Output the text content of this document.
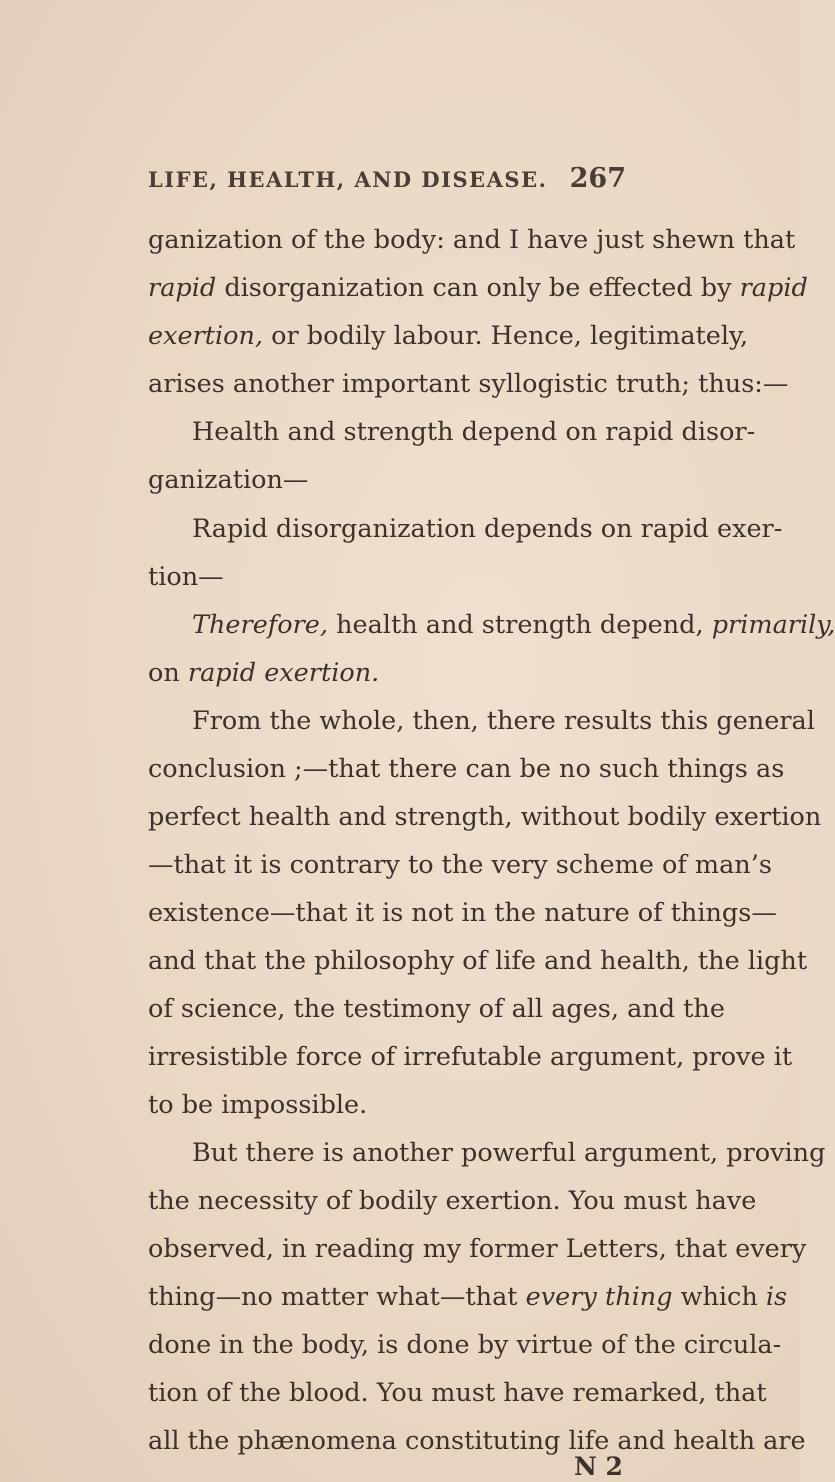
LIFE, HEALTH, AND DISEASE. 267
ganization of the body: and I have just shewn that
rapid disorganization can only be effected by rapid
exertion, or bodily labour. Hence, legitimately,
arises another important syllogistic truth; thus:—
Health and strength depend on rapid disor-
ganization—
Rapid disorganization depends on rapid exer-
tion—
Therefore, health and strength depend, primarily,
on rapid exertion.
From the whole, then, there results this general
conclusion ;—that there can be no such things as
perfect health and strength, without bodily exertion
—that it is contrary to the very scheme of man’s
existence—that it is not in the nature of things—
and that the philosophy of life and health, the light
of science, the testimony of all ages, and the
irresistible force of irrefutable argument, prove it
to be impossible.
But there is another powerful argument, proving
the necessity of bodily exertion. You must have
observed, in reading my former Letters, that every
thing—no matter what—that every thing which is
done in the body, is done by virtue of the circula-
tion of the blood. You must have remarked, that
all the phænomena constituting life and health are
N 2
